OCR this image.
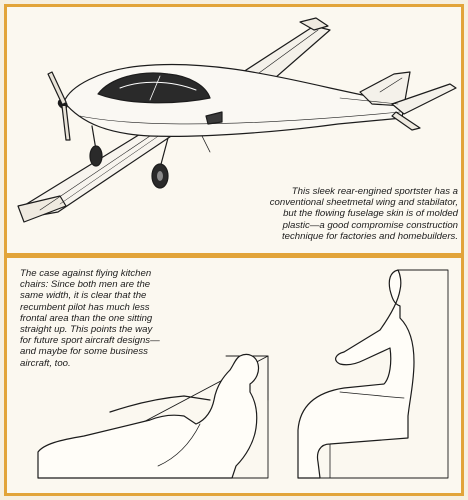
This sleek rear-engined sportster has a conventional sheetmetal wing and stabilator, but the flowing fuselage skin is of molded plastic—a good compromise construction technique for factories and homebuilders.
The case against flying kitchen chairs: Since both men are the same width, it is clear that the recumbent pilot has much less frontal area than the one sitting straight up. This points the way for future sport aircraft designs—and maybe for some business aircraft, too.
